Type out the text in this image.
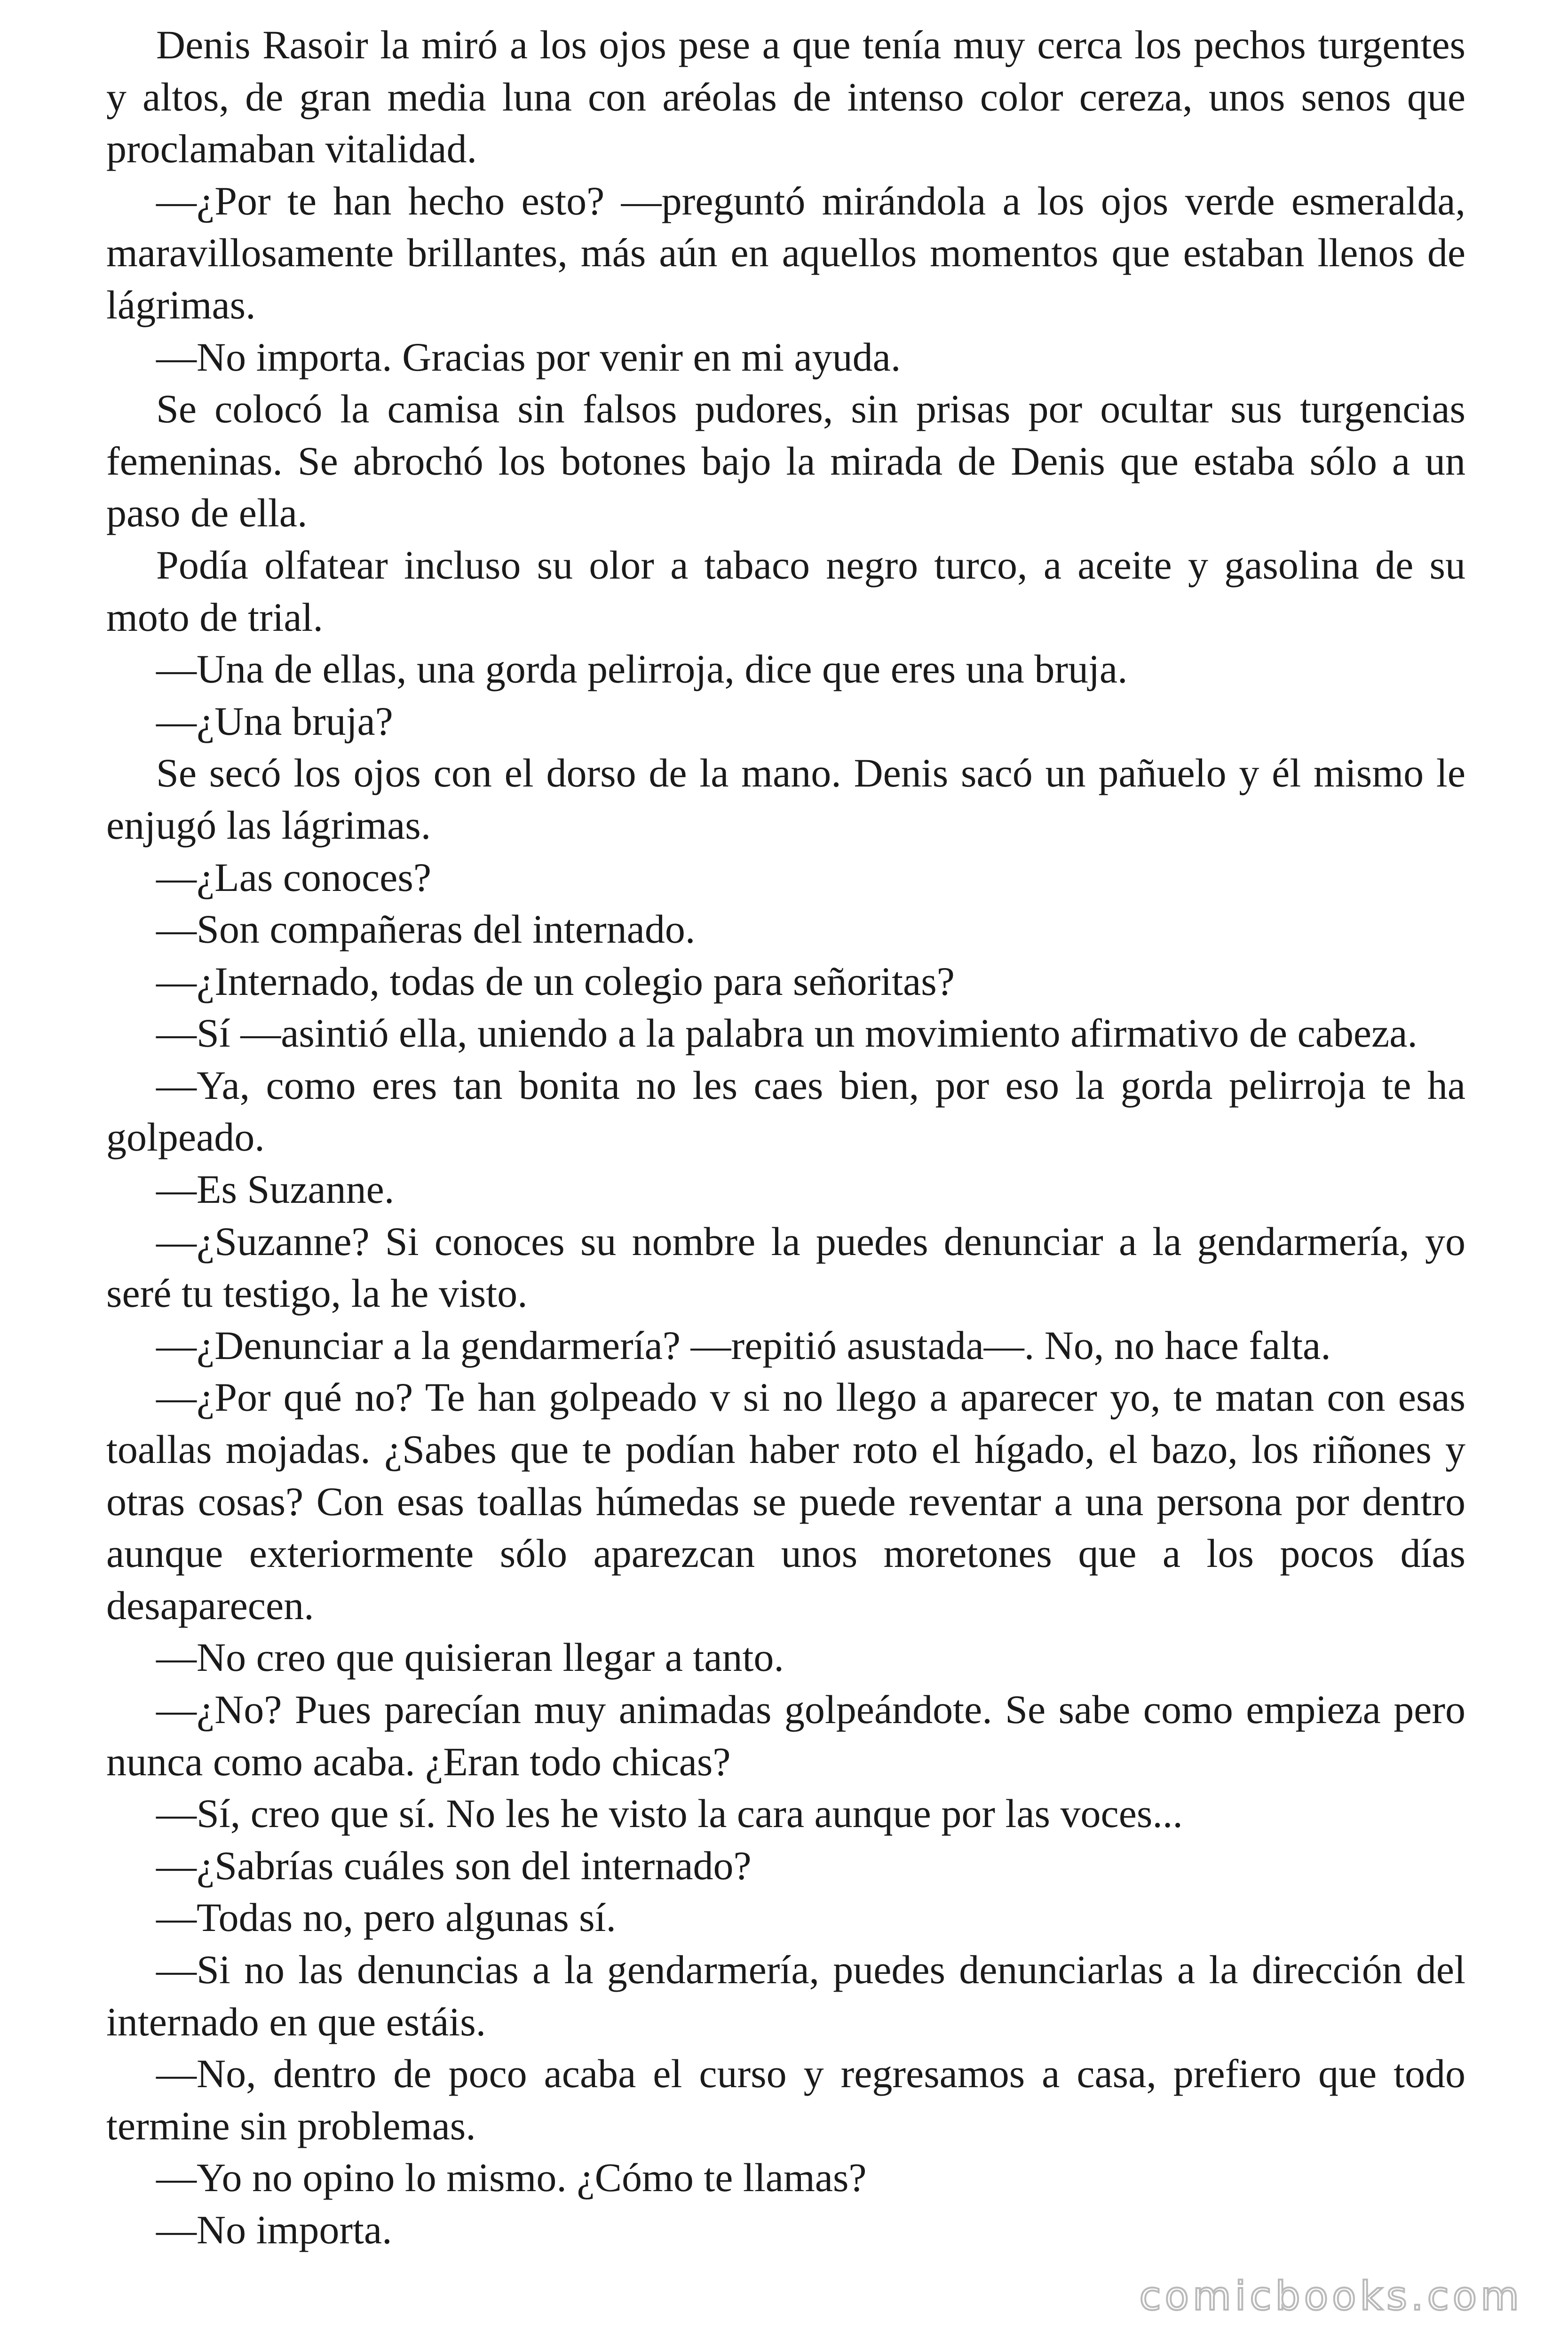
Denis Rasoir la miró a los ojos pese a que tenía muy cerca los pechos turgentes y altos, de gran media luna con aréolas de intenso color cereza, unos senos que proclamaban vitalidad.

—¿Por te han hecho esto? —preguntó mirándola a los ojos verde esmeralda, maravillosamente brillantes, más aún en aquellos momentos que estaban llenos de lágrimas.

—No importa. Gracias por venir en mi ayuda.

Se colocó la camisa sin falsos pudores, sin prisas por ocultar sus turgencias femeninas. Se abrochó los botones bajo la mirada de Denis que estaba sólo a un paso de ella.

Podía olfatear incluso su olor a tabaco negro turco, a aceite y gasolina de su moto de trial.

—Una de ellas, una gorda pelirroja, dice que eres una bruja.

—¿Una bruja?

Se secó los ojos con el dorso de la mano. Denis sacó un pañuelo y él mismo le enjugó las lágrimas.

—¿Las conoces?

—Son compañeras del internado.

—¿Internado, todas de un colegio para señoritas?

—Sí —asintió ella, uniendo a la palabra un movimiento afirmativo de cabeza.

—Ya, como eres tan bonita no les caes bien, por eso la gorda pelirroja te ha golpeado.

—Es Suzanne.

—¿Suzanne? Si conoces su nombre la puedes denunciar a la gendarmería, yo seré tu testigo, la he visto.

—¿Denunciar a la gendarmería? —repitió asustada—. No, no hace falta.

—¿Por qué no? Te han golpeado v si no llego a aparecer yo, te matan con esas toallas mojadas. ¿Sabes que te podían haber roto el hígado, el bazo, los riñones y otras cosas? Con esas toallas húmedas se puede reventar a una persona por dentro aunque exteriormente sólo aparezcan unos moretones que a los pocos días desaparecen.

—No creo que quisieran llegar a tanto.

—¿No? Pues parecían muy animadas golpeándote. Se sabe como empieza pero nunca como acaba. ¿Eran todo chicas?

—Sí, creo que sí. No les he visto la cara aunque por las voces...

—¿Sabrías cuáles son del internado?

—Todas no, pero algunas sí.

—Si no las denuncias a la gendarmería, puedes denunciarlas a la dirección del internado en que estáis.

—No, dentro de poco acaba el curso y regresamos a casa, prefiero que todo termine sin problemas.

—Yo no opino lo mismo. ¿Cómo te llamas?

—No importa.

comicbooks.com
